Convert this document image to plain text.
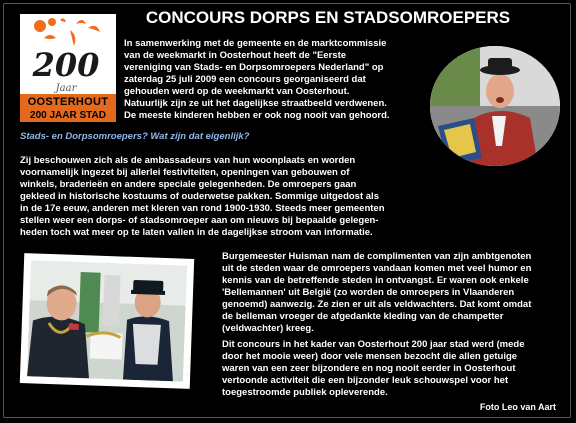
CONCOURS DORPS EN STADSOMROEPERS
200
Jaar
OOSTERHOUT
200 JAAR STAD
In samenwerking met de gemeente en de marktcommissie
van de weekmarkt in Oosterhout heeft de "Eerste
vereniging van Stads- en Dorpsomroepers Nederland" op
zaterdag 25 juli 2009 een concours georganiseerd dat
gehouden werd op de weekmarkt van Oosterhout.
Natuurlijk zijn ze uit het dagelijkse straatbeeld verdwenen.
De meeste kinderen hebben er ook nog nooit van gehoord.
Stads- en Dorpsomroepers? Wat zijn dat eigenlijk?
Zij beschouwen zich als de ambassadeurs van hun woonplaats en worden
voornamelijk ingezet bij allerlei festiviteiten, openingen van gebouwen of
winkels, braderieën en andere speciale gelegenheden. De omroepers gaan
gekleed in historische kostuums of ouderwetse pakken. Sommige uitgedost als
in de 17e eeuw, anderen met kleren van rond 1900-1930. Steeds meer gemeenten
stellen weer een dorps- of stadsomroeper aan om nieuws bij bepaalde gelegen-
heden toch wat meer op te laten vallen in de dagelijkse stroom van informatie.
Burgemeester Huisman nam de complimenten van zijn ambtgenoten
uit de steden waar de omroepers vandaan komen met veel humor en
kennis van de betreffende steden in ontvangst. Er waren ook enkele
'Bellemannen' uit België (zo worden de omroepers in Vlaanderen
genoemd) aanwezig. Ze zien er uit als veldwachters. Dat komt omdat
de belleman vroeger de afgedankte kleding van de champetter
(veldwachter) kreeg.
Dit concours in het kader van Oosterhout 200 jaar stad werd (mede
door het mooie weer) door vele mensen bezocht die allen getuige
waren van een zeer bijzondere en nog nooit eerder in Oosterhout
vertoonde activiteit die een bijzonder leuk schouwspel voor het
toegestroomde publiek opleverende.
Foto Leo van Aart
